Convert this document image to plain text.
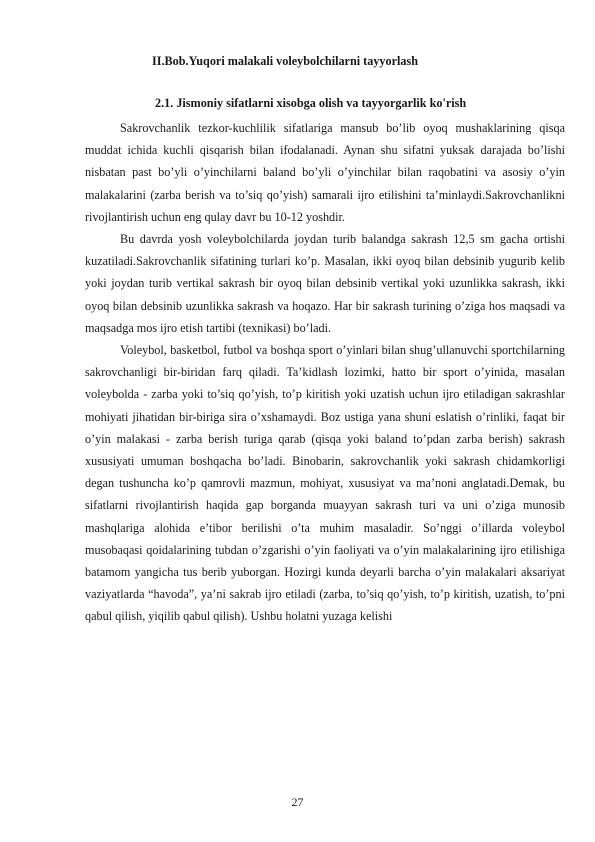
II.Bob.Yuqori malakali voleybolchilarni tayyorlash
2.1. Jismoniy sifatlarni xisobga olish va tayyorgarlik ko'rish

Sakrovchanlik tezkor-kuchlilik sifatlariga mansub bo’lib oyoq mushaklarining qisqa muddat ichida kuchli qisqarish bilan ifodalanadi. Aynan shu sifatni yuksak darajada bo’lishi nisbatan past bo’yli o’yinchilarni baland bo’yli o’yinchilar bilan raqobatini va asosiy o’yin malakalarini (zarba berish va to’siq qo’yish) samarali ijro etilishini ta’minlaydi.Sakrovchanlikni rivojlantirish uchun eng qulay davr bu 10-12 yoshdir.

Bu davrda yosh voleybolchilarda joydan turib balandga sakrash 12,5 sm gacha ortishi kuzatiladi.Sakrovchanlik sifatining turlari ko’p. Masalan, ikki oyoq bilan debsinib yugurib kelib yoki joydan turib vertikal sakrash bir oyoq bilan debsinib vertikal yoki uzunlikka sakrash, ikki oyoq bilan debsinib uzunlikka sakrash va hoqazo. Har bir sakrash turining o’ziga hos maqsadi va maqsadga mos ijro etish tartibi (texnikasi) bo’ladi.

Voleybol, basketbol, futbol va boshqa sport o’yinlari bilan shug’ullanuvchi sportchilarning sakrovchanligi bir-biridan farq qiladi. Ta’kidlash lozimki, hatto bir sport o’yinida, masalan voleybolda - zarba yoki to’siq qo’yish, to’p kiritish yoki uzatish uchun ijro etiladigan sakrashlar mohiyati jihatidan bir-biriga sira o’xshamaydi. Boz ustiga yana shuni eslatish o’rinliki, faqat bir o’yin malakasi - zarba berish turiga qarab (qisqa yoki baland to’pdan zarba berish) sakrash xususiyati umuman boshqacha bo’ladi. Binobarin, sakrovchanlik yoki sakrash chidamkorligi degan tushuncha ko’p qamrovli mazmun, mohiyat, xususiyat va ma’noni anglatadi.Demak, bu sifatlarni rivojlantirish haqida gap borganda muayyan sakrash turi va uni o’ziga munosib mashqlariga alohida e’tibor berilishi o’ta muhim masaladir. So’nggi o’illarda voleybol musobaqasi qoidalarining tubdan o’zgarishi o’yin faoliyati va o’yin malakalarining ijro etilishiga batamom yangicha tus berib yuborgan. Hozirgi kunda deyarli barcha o’yin malakalari aksariyat vaziyatlarda “havoda”, ya’ni sakrab ijro etiladi (zarba, to’siq qo’yish, to’p kiritish, uzatish, to’pni qabul qilish, yiqilib qabul qilish). Ushbu holatni yuzaga kelishi

27
